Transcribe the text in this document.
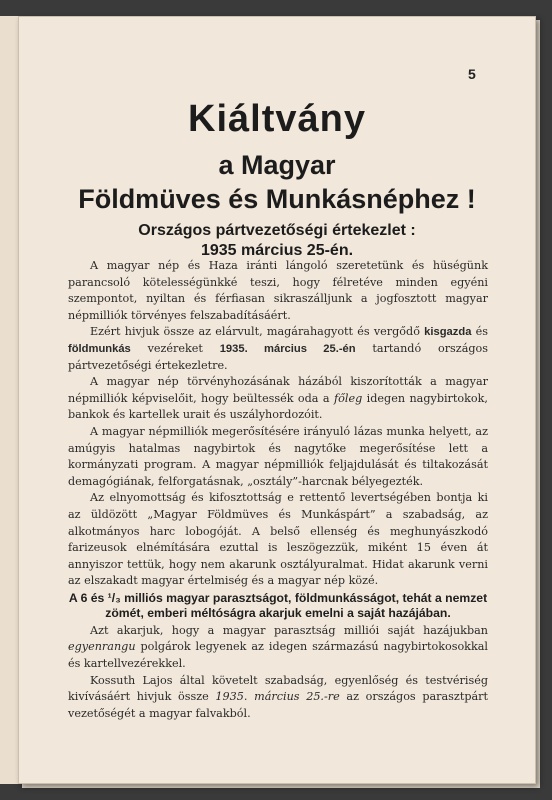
5
Kiáltvány
a Magyar
Földmüves és Munkásnéphez !
Országos pártvezetőségi értekezlet :
1935 március 25-én.

A magyar nép és Haza iránti lángoló szeretetünk és hüségünk parancsoló kötelességünkké teszi, hogy félretéve minden egyéni szempontot, nyiltan és férfiasan sikraszálljunk a jogfosztott magyar népmilliók törvényes felszabadításáért.

Ezért hivjuk össze az elárvult, magárahagyott és vergődő kisgazda és földmunkás vezéreket 1935. március 25.-én tartandó országos pártvezetőségi értekezletre.

A magyar nép törvényhozásának házából kiszorították a magyar népmilliók képviselőit, hogy beültessék oda a főleg idegen nagybirtokok, bankok és kartellek urait és uszályhordozóit.

A magyar népmilliók megerősítésére irányuló lázas munka helyett, az amúgyis hatalmas nagybirtok és nagytőke megerősítése lett a kormányzati program. A magyar népmilliók feljajdulását és tiltakozását demagógiának, felforgatásnak, „osztály”-harcnak bélyegezték.

Az elnyomottság és kifosztottság e rettentő levertségében bontja ki az üldözött „Magyar Földmüves és Munkáspárt” a szabadság, az alkotmányos harc lobogóját. A belső ellenség és meghunyászkodó farizeusok elnémítására ezuttal is leszögezzük, miként 15 éven át annyiszor tettük, hogy nem akarunk osztályuralmat. Hidat akarunk verni az elszakadt magyar értelmiség és a magyar nép közé.

A 6 és ¹/₃ milliós magyar parasztságot, földmunkásságot, tehát a nemzet zömét, emberi méltóságra akarjuk emelni a saját hazájában.

Azt akarjuk, hogy a magyar parasztság milliói saját hazájukban egyenrangu polgárok legyenek az idegen származású nagybirtokosokkal és kartellvezérekkel.

Kossuth Lajos által követelt szabadság, egyenlőség és testvériség kivívásáért hivjuk össze 1935. március 25.-re az országos parasztpárt vezetőségét a magyar falvakból.
